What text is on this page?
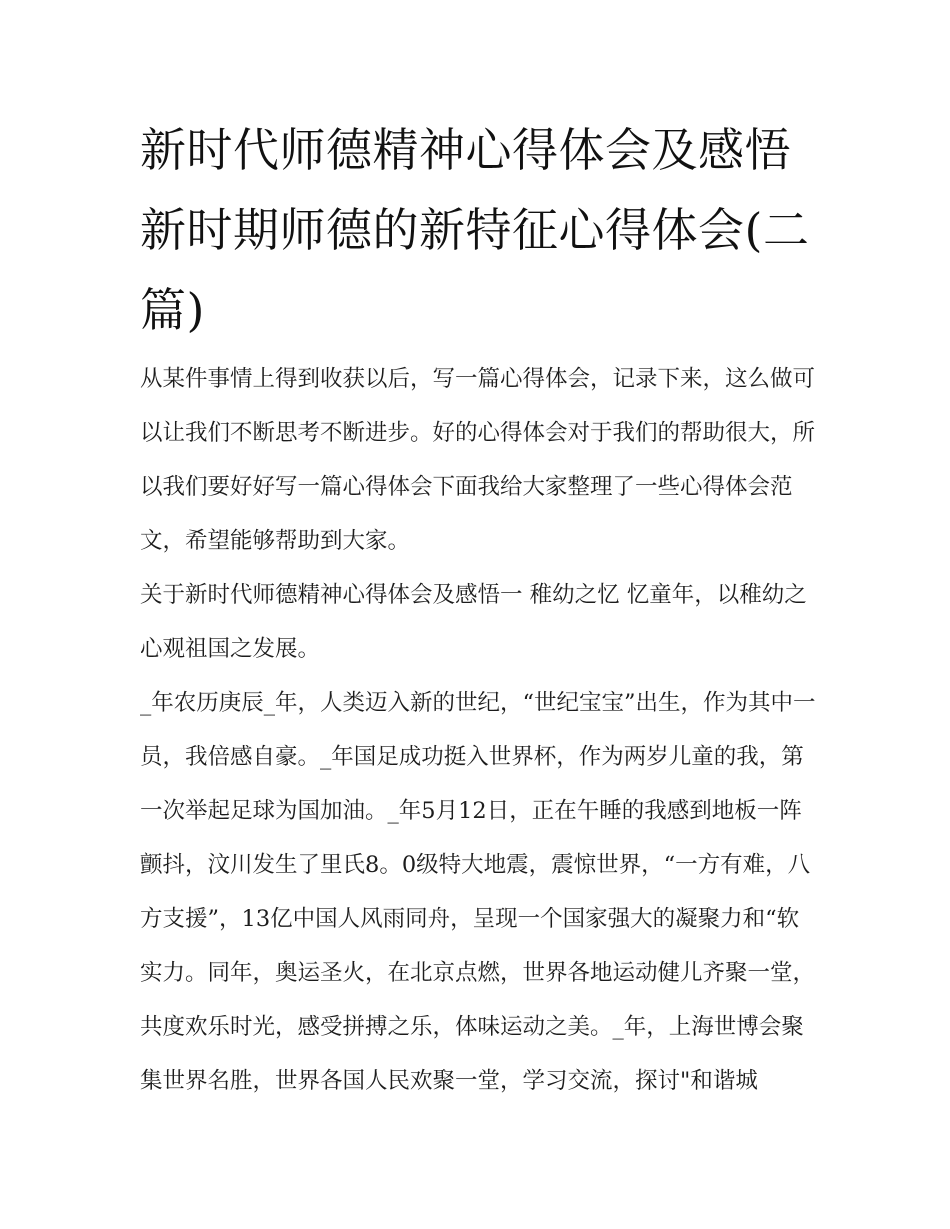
新时代师德精神心得体会及感悟 新时期师德的新特征心得体会(二篇)

从某件事情上得到收获以后，写一篇心得体会，记录下来，这么做可以让我们不断思考不断进步。好的心得体会对于我们的帮助很大，所以我们要好好写一篇心得体会下面我给大家整理了一些心得体会范文，希望能够帮助到大家。

关于新时代师德精神心得体会及感悟一 稚幼之忆 忆童年，以稚幼之心观祖国之发展。

_年农历庚辰_年，人类迈入新的世纪，“世纪宝宝”出生，作为其中一员，我倍感自豪。_年国足成功挺入世界杯，作为两岁儿童的我，第一次举起足球为国加油。_年5月12日，正在午睡的我感到地板一阵颤抖，汶川发生了里氏8。0级特大地震，震惊世界，“一方有难，八方支援”，13亿中国人风雨同舟，呈现一个国家强大的凝聚力和“软实力。同年，奥运圣火，在北京点燃，世界各地运动健儿齐聚一堂，共度欢乐时光，感受拼搏之乐，体味运动之美。_年，上海世博会聚集世界名胜，世界各国人民欢聚一堂，学习交流，探讨"和谐城
